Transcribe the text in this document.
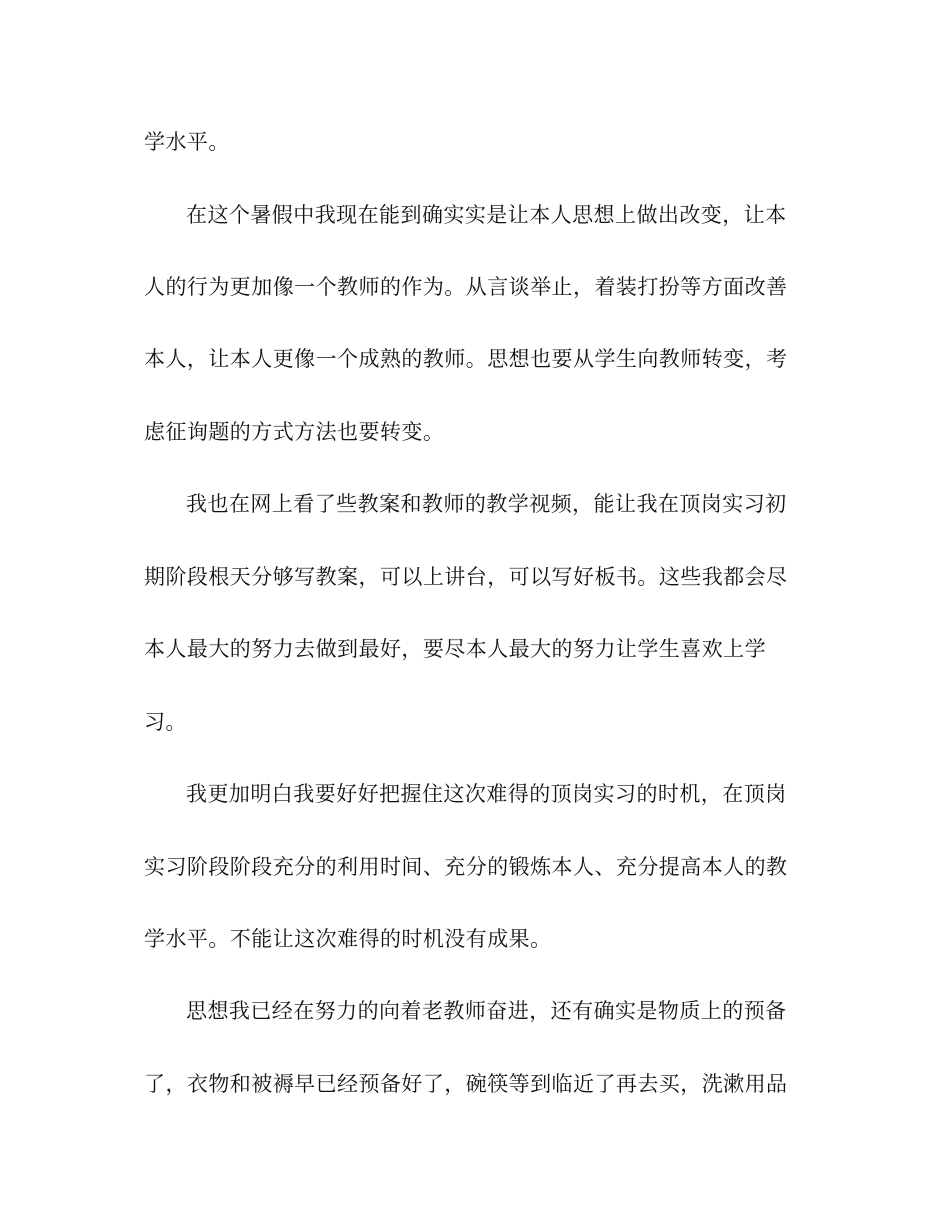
学水平。
在这个暑假中我现在能到确实实是让本人思想上做出改变，让本
人的行为更加像一个教师的作为。从言谈举止，着装打扮等方面改善
本人，让本人更像一个成熟的教师。思想也要从学生向教师转变，考
虑征询题的方式方法也要转变。
我也在网上看了些教案和教师的教学视频，能让我在顶岗实习初
期阶段根天分够写教案，可以上讲台，可以写好板书。这些我都会尽
本人最大的努力去做到最好，要尽本人最大的努力让学生喜欢上学
习。
我更加明白我要好好把握住这次难得的顶岗实习的时机，在顶岗
实习阶段阶段充分的利用时间、充分的锻炼本人、充分提高本人的教
学水平。不能让这次难得的时机没有成果。
思想我已经在努力的向着老教师奋进，还有确实是物质上的预备
了，衣物和被褥早已经预备好了，碗筷等到临近了再去买，洗漱用品
